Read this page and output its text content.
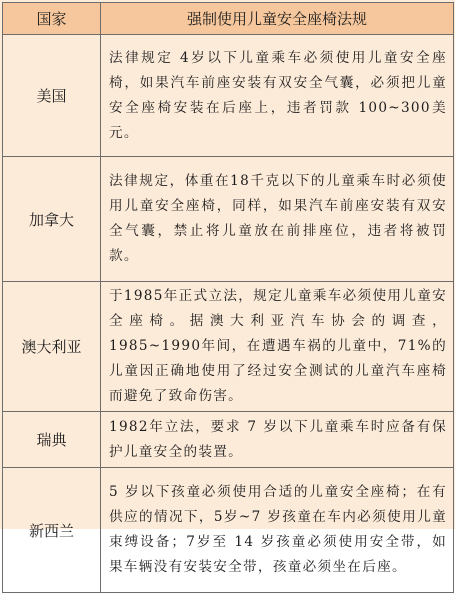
国家	强制使用儿童安全座椅法规
美国	法律规定 4岁以下儿童乘车必须使用儿童安全座椅，如果汽车前座安装有双安全气囊，必须把儿童安全座椅安装在后座上，违者罚款 100~300美元。
加拿大	法律规定，体重在18千克以下的儿童乘车时必须使用儿童安全座椅，同样，如果汽车前座安装有双安全气囊，禁止将儿童放在前排座位，违者将被罚款。
澳大利亚	于1985年正式立法，规定儿童乘车必须使用儿童安全座椅。据澳大利亚汽车协会的调查，1985~1990年间，在遭遇车祸的儿童中，71%的儿童因正确地使用了经过安全测试的儿童汽车座椅而避免了致命伤害。
瑞典	1982年立法，要求 7 岁以下儿童乘车时应备有保护儿童安全的装置。
新西兰	5 岁以下孩童必须使用合适的儿童安全座椅；在有供应的情况下，5岁~7 岁孩童在车内必须使用儿童束缚设备；7岁至 14 岁孩童必须使用安全带，如果车辆没有安装安全带，孩童必须坐在后座。
